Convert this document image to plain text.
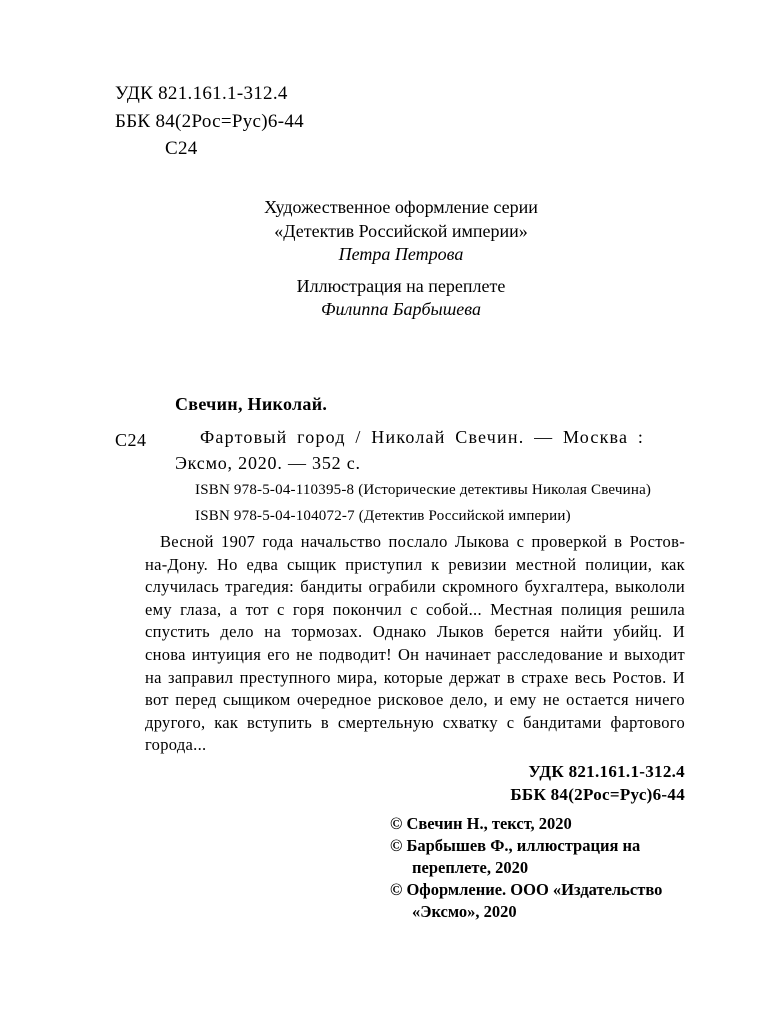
УДК 821.161.1-312.4
ББК 84(2Рос=Рус)6-44
С24
Художественное оформление серии
«Детектив Российской империи»
Петра Петрова
Иллюстрация на переплете
Филиппа Барбышева
С24
Свечин, Николай.
Фартовый город / Николай Свечин. — Москва :
Эксмо, 2020. — 352 с.
ISBN 978-5-04-110395-8 (Исторические детективы Николая Свечина)
ISBN 978-5-04-104072-7 (Детектив Российской империи)

Весной 1907 года начальство послало Лыкова с проверкой в Ростов-на-Дону. Но едва сыщик приступил к ревизии местной полиции, как случилась трагедия: бандиты ограбили скромного бухгалтера, выкололи ему глаза, а тот с горя покончил с собой... Местная полиция решила спустить дело на тормозах. Однако Лыков берется найти убийц. И снова интуиция его не подводит! Он начинает расследование и выходит на заправил преступного мира, которые держат в страхе весь Ростов. И вот перед сыщиком очередное рисковое дело, и ему не остается ничего другого, как вступить в смертельную схватку с бандитами фартового города...

УДК 821.161.1-312.4
ББК 84(2Рос=Рус)6-44
© Свечин Н., текст, 2020
© Барбышев Ф., иллюстрация на переплете, 2020
© Оформление. ООО «Издательство «Эксмо», 2020
